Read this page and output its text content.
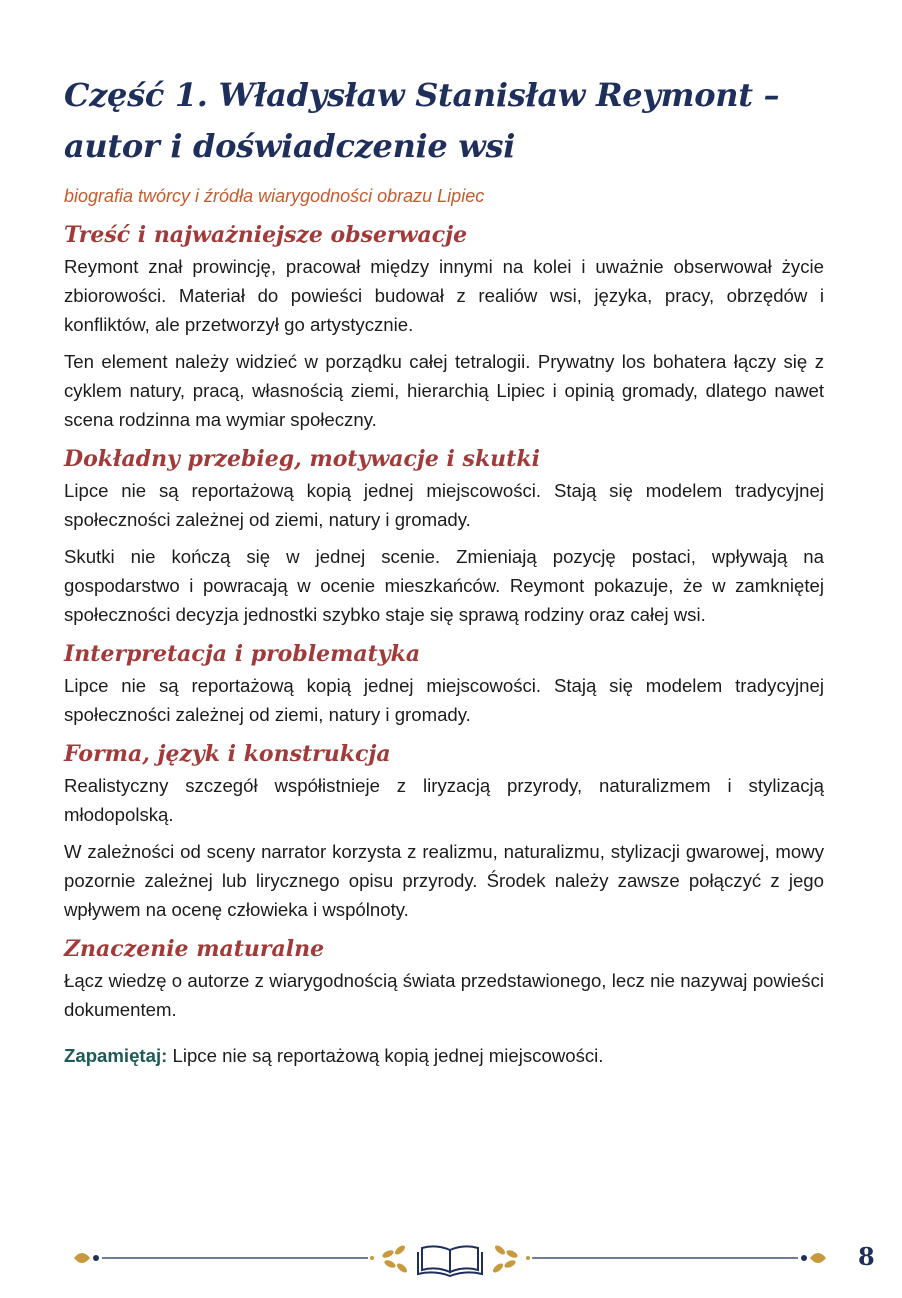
Część 1. Władysław Stanisław Reymont – autor i doświadczenie wsi
biografia twórcy i źródła wiarygodności obrazu Lipiec
Treść i najważniejsze obserwacje

Reymont znał prowincję, pracował między innymi na kolei i uważnie obserwował życie zbiorowości. Materiał do powieści budował z realiów wsi, języka, pracy, obrzędów i konfliktów, ale przetworzył go artystycznie.

Ten element należy widzieć w porządku całej tetralogii. Prywatny los bohatera łączy się z cyklem natury, pracą, własnością ziemi, hierarchią Lipiec i opinią gromady, dlatego nawet scena rodzinna ma wymiar społeczny.

Dokładny przebieg, motywacje i skutki

Lipce nie są reportażową kopią jednej miejscowości. Stają się modelem tradycyjnej społeczności zależnej od ziemi, natury i gromady.

Skutki nie kończą się w jednej scenie. Zmieniają pozycję postaci, wpływają na gospodarstwo i powracają w ocenie mieszkańców. Reymont pokazuje, że w zamkniętej społeczności decyzja jednostki szybko staje się sprawą rodziny oraz całej wsi.

Interpretacja i problematyka

Lipce nie są reportażową kopią jednej miejscowości. Stają się modelem tradycyjnej społeczności zależnej od ziemi, natury i gromady.

Forma, język i konstrukcja

Realistyczny szczegół współistnieje z liryzacją przyrody, naturalizmem i stylizacją młodopolską.

W zależności od sceny narrator korzysta z realizmu, naturalizmu, stylizacji gwarowej, mowy pozornie zależnej lub lirycznego opisu przyrody. Środek należy zawsze połączyć z jego wpływem na ocenę człowieka i wspólnoty.

Znaczenie maturalne

Łącz wiedzę o autorze z wiarygodnością świata przedstawionego, lecz nie nazywaj powieści dokumentem.

Zapamiętaj: Lipce nie są reportażową kopią jednej miejscowości.

8
